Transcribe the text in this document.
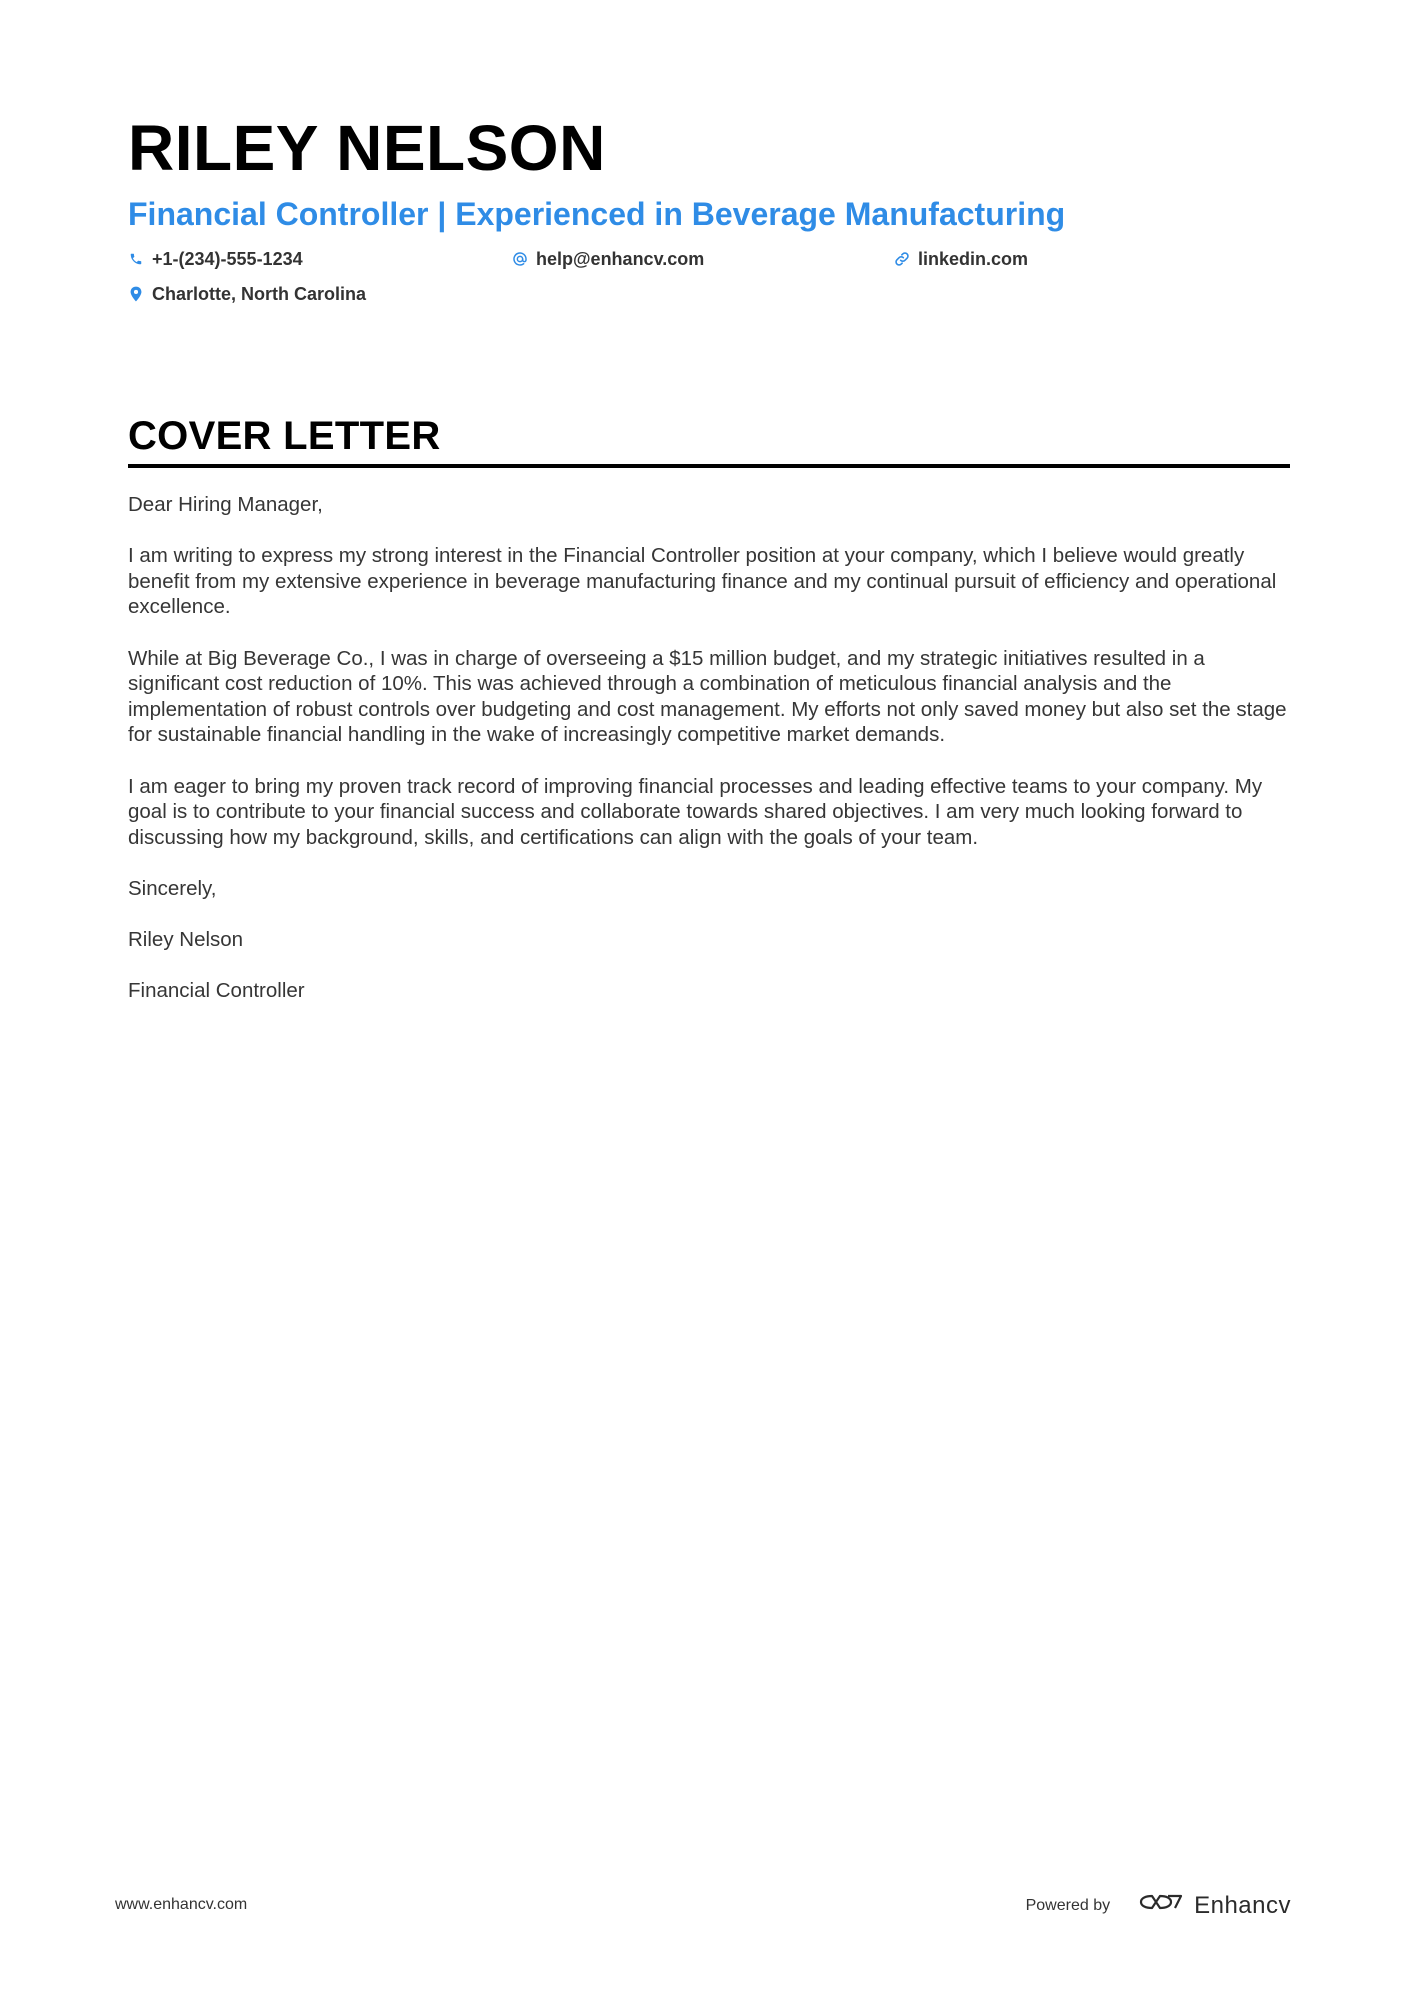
RILEY NELSON
Financial Controller | Experienced in Beverage Manufacturing
+1-(234)-555-1234	help@enhancv.com	linkedin.com
Charlotte, North Carolina
COVER LETTER

Dear Hiring Manager,

I am writing to express my strong interest in the Financial Controller position at your company, which I believe would greatly benefit from my extensive experience in beverage manufacturing finance and my continual pursuit of efficiency and operational excellence.

While at Big Beverage Co., I was in charge of overseeing a $15 million budget, and my strategic initiatives resulted in a significant cost reduction of 10%. This was achieved through a combination of meticulous financial analysis and the implementation of robust controls over budgeting and cost management. My efforts not only saved money but also set the stage for sustainable financial handling in the wake of increasingly competitive market demands.

I am eager to bring my proven track record of improving financial processes and leading effective teams to your company. My goal is to contribute to your financial success and collaborate towards shared objectives. I am very much looking forward to discussing how my background, skills, and certifications can align with the goals of your team.

Sincerely,

Riley Nelson

Financial Controller

www.enhancv.com	Powered by	Enhancv
